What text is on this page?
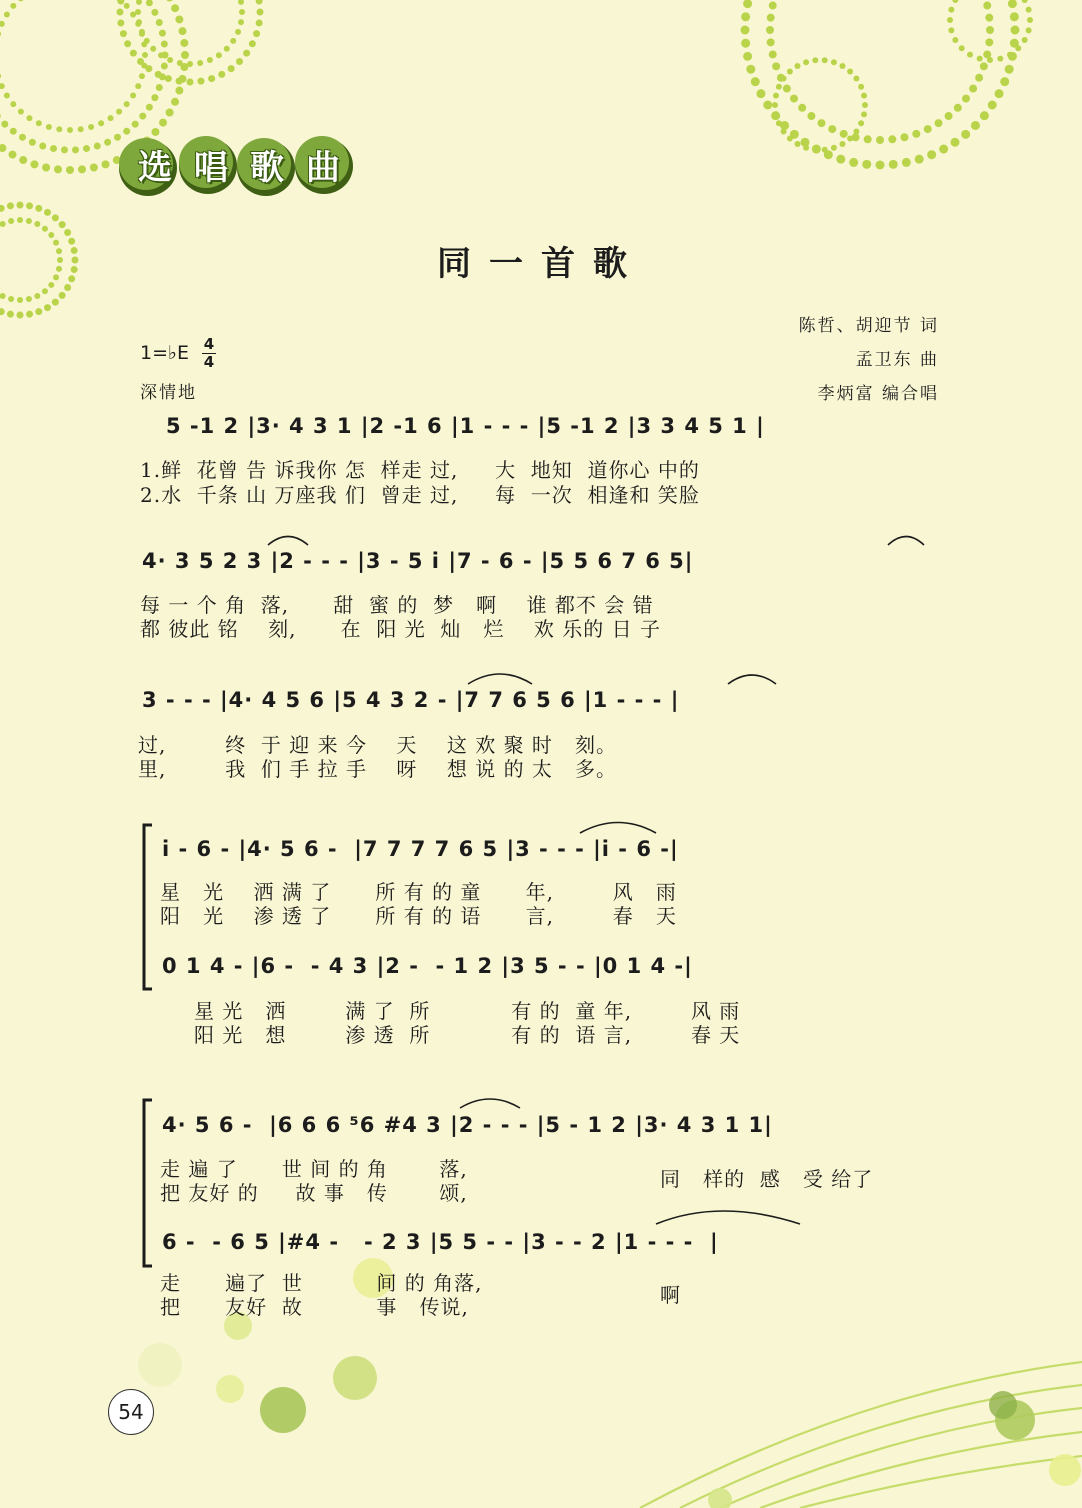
选唱歌曲
同一首歌
陈哲、胡迎节 词
孟卫东 曲
李炳富 编合唱
1=♭E $\frac{4}{4}$
深情地
5 -1 2 |3· 4 3 1 |2 -1 6 |1 - - - |5 -1 2 |3 3 4 5 1 |
1.鲜  花曾 告 诉我你 怎  样走 过,     大  地知  道你心 中的
2.水  千条 山 万座我 们  曾走 过,     每  一次  相逢和 笑脸
4· 3 5 2 3 |2 - - - |3 - 5 i |7 - 6 - |5 5 6 7 6 5|
每 一 个 角  落,      甜  蜜 的  梦   啊    谁 都不 会 错
都 彼此 铭    刻,      在  阳 光  灿   烂    欢 乐的 日 子
3 - - - |4· 4 5 6 |5 4 3 2 - |7 7 6 5 6 |1 - - - |
过,        终  于 迎 来 今    天    这 欢 聚 时   刻。
里,        我  们 手 拉 手    呀    想 说 的 太   多。
i - 6 - |4· 5 6 -  |7 7 7 7 6 5 |3 - - - |i - 6 -|
星   光    洒 满 了      所 有 的 童      年,        风   雨
阳   光    渗 透 了      所 有 的 语      言,        春   天
0 1 4 - |6 -  - 4 3 |2 -  - 1 2 |3 5 - - |0 1 4 -|
星 光   洒        满 了  所           有 的  童 年,        风 雨
阳 光   想        渗 透  所           有 的  语 言,        春 天
4· 5 6 -  |6 6 6 ⁵6 #4 3 |2 - - - |5 - 1 2 |3· 4 3 1 1|
走 遍 了      世 间 的 角       落,
把 友好 的     故 事   传       颂,
同   样的  感   受 给了
6 -  - 6 5 |#4 -   - 2 3 |5 5 - - |3 - - 2 |1 - - -  |
走      遍了  世          间 的 角落,
把      友好  故          事   传说,	啊
54
